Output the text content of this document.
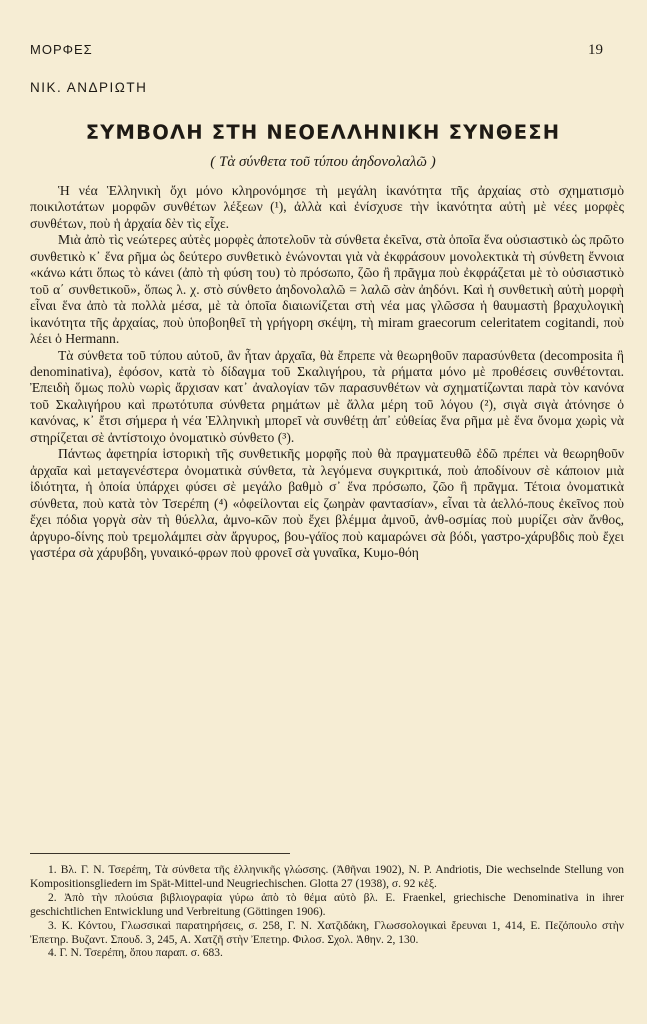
ΜΟΡΦΕΣ	19
ΝΙΚ. ΑΝΔΡΙΩΤΗ
ΣΥΜΒΟΛΗ ΣΤΗ ΝΕΟΕΛΛΗΝΙΚΗ ΣΥΝΘΕΣΗ
( Τὰ σύνθετα τοῦ τύπου ἀηδονολαλῶ )

Ἡ νέα Ἑλληνικὴ ὄχι μόνο κληρονόμησε τὴ μεγάλη ἱκανότητα τῆς ἀρχαίας στὸ σχηματισμὸ ποικιλοτάτων μορφῶν συνθέτων λέξεων (¹), ἀλλὰ καὶ ἐνίσχυσε τὴν ἱκανότητα αὐτὴ μὲ νέες μορφὲς συνθέτων, ποὺ ἡ ἀρχαία δὲν τὶς εἶχε.

Μιὰ ἀπὸ τὶς νεώτερες αὐτὲς μορφὲς ἀποτελοῦν τὰ σύνθετα ἐκεῖνα, στὰ ὁποῖα ἕνα οὐσιαστικὸ ὡς πρῶτο συνθετικὸ κ᾿ ἕνα ρῆμα ὡς δεύτερο συνθετικὸ ἑνώνονται γιὰ νὰ ἐκφράσουν μονολεκτικὰ τὴ σύνθετη ἔννοια «κάνω κάτι ὅπως τὸ κάνει (ἀπὸ τὴ φύση του) τὸ πρόσωπο, ζῶο ἢ πρᾶγμα ποὺ ἐκφράζεται μὲ τὸ οὐσιαστικὸ τοῦ α΄ συνθετικοῦ», ὅπως λ. χ. στὸ σύνθετο ἀηδονολαλῶ = λαλῶ σὰν ἀηδόνι. Καὶ ἡ συνθετικὴ αὐτὴ μορφὴ εἶναι ἕνα ἀπὸ τὰ πολλὰ μέσα, μὲ τὰ ὁποῖα διαιωνίζεται στὴ νέα μας γλῶσσα ἡ θαυμαστὴ βραχυλογικὴ ἱκανότητα τῆς ἀρχαίας, ποὺ ὑποβοηθεῖ τὴ γρήγορη σκέψη, τὴ miram graecorum celeritatem cogitandi, ποὺ λέει ὁ Hermann.

Τὰ σύνθετα τοῦ τύπου αὐτοῦ, ἂν ἦταν ἀρχαῖα, θὰ ἔπρεπε νὰ θεωρηθοῦν παρασύνθετα (decomposita ἢ denominativa), ἐφόσον, κατὰ τὸ δίδαγμα τοῦ Σκαλιγήρου, τὰ ρήματα μόνο μὲ προθέσεις συνθέτονται. Ἐπειδὴ ὅμως πολὺ νωρὶς ἄρχισαν κατ᾿ ἀναλογίαν τῶν παρασυνθέτων νὰ σχηματίζωνται παρὰ τὸν κανόνα τοῦ Σκαλιγήρου καὶ πρωτότυπα σύνθετα ρημάτων μὲ ἄλλα μέρη τοῦ λόγου (²), σιγὰ σιγὰ ἀτόνησε ὁ κανόνας, κ᾿ ἔτσι σήμερα ἡ νέα Ἑλληνικὴ μπορεῖ νὰ συνθέτῃ ἀπ᾿ εὐθείας ἕνα ρῆμα μὲ ἕνα ὄνομα χωρὶς νὰ στηρίζεται σὲ ἀντίστοιχο ὀνοματικὸ σύνθετο (³).

Πάντως ἀφετηρία ἱστορικὴ τῆς συνθετικῆς μορφῆς ποὺ θὰ πραγματευθῶ ἐδῶ πρέπει νὰ θεωρηθοῦν ἀρχαῖα καὶ μεταγενέστερα ὀνοματικὰ σύνθετα, τὰ λεγόμενα συγκριτικά, ποὺ ἀποδίνουν σὲ κάποιον μιὰ ἰδιότητα, ἡ ὁποία ὑπάρχει φύσει σὲ μεγάλο βαθμὸ σ᾿ ἕνα πρόσωπο, ζῶο ἢ πρᾶγμα. Τέτοια ὀνοματικὰ σύνθετα, ποὺ κατὰ τὸν Τσερέπη (⁴) «ὀφείλονται εἰς ζωηρὰν φαντασίαν», εἶναι τὰ ἀελλό-πους ἐκεῖνος ποὺ ἔχει πόδια γοργὰ σὰν τὴ θύελλα, ἀμνο-κῶν ποὺ ἔχει βλέμμα ἀμνοῦ, ἀνθ-οσμίας ποὺ μυρίζει σὰν ἄνθος, ἀργυρο-δίνης ποὺ τρεμολάμπει σὰν ἄργυρος, βου-γάϊος ποὺ καμαρώνει σὰ βόδι, γαστρο-χάρυβδις ποὺ ἔχει γαστέρα σὰ χάρυβδη, γυναικό-φρων ποὺ φρονεῖ σὰ γυναῖκα, Κυμο-θόη

1. Βλ. Γ. Ν. Τσερέπη, Τὰ σύνθετα τῆς ἑλληνικῆς γλώσσης. (Ἀθῆναι 1902), N. P. Andriotis, Die wechselnde Stellung von Kompositionsgliedern im Spät-Mittel-und Neugriechischen. Glotta 27 (1938), σ. 92 κἑξ.

2. Ἀπὸ τὴν πλούσια βιβλιογραφία γύρω ἀπὸ τὸ θέμα αὐτὸ βλ. E. Fraenkel, griechische Denominativa in ihrer geschichtlichen Entwicklung und Verbreitung (Göttingen 1906).

3. Κ. Κόντου, Γλωσσικαὶ παρατηρήσεις, σ. 258, Γ. Ν. Χατζιδάκη, Γλωσσολογικαὶ ἔρευναι 1, 414, Ε. Πεζόπουλο στὴν Ἐπετηρ. Βυζαντ. Σπουδ. 3, 245, Α. Χατζῆ στὴν Ἐπετηρ. Φιλοσ. Σχολ. Ἀθην. 2, 130.

4. Γ. Ν. Τσερέπη, ὅπου παραπ. σ. 683.
